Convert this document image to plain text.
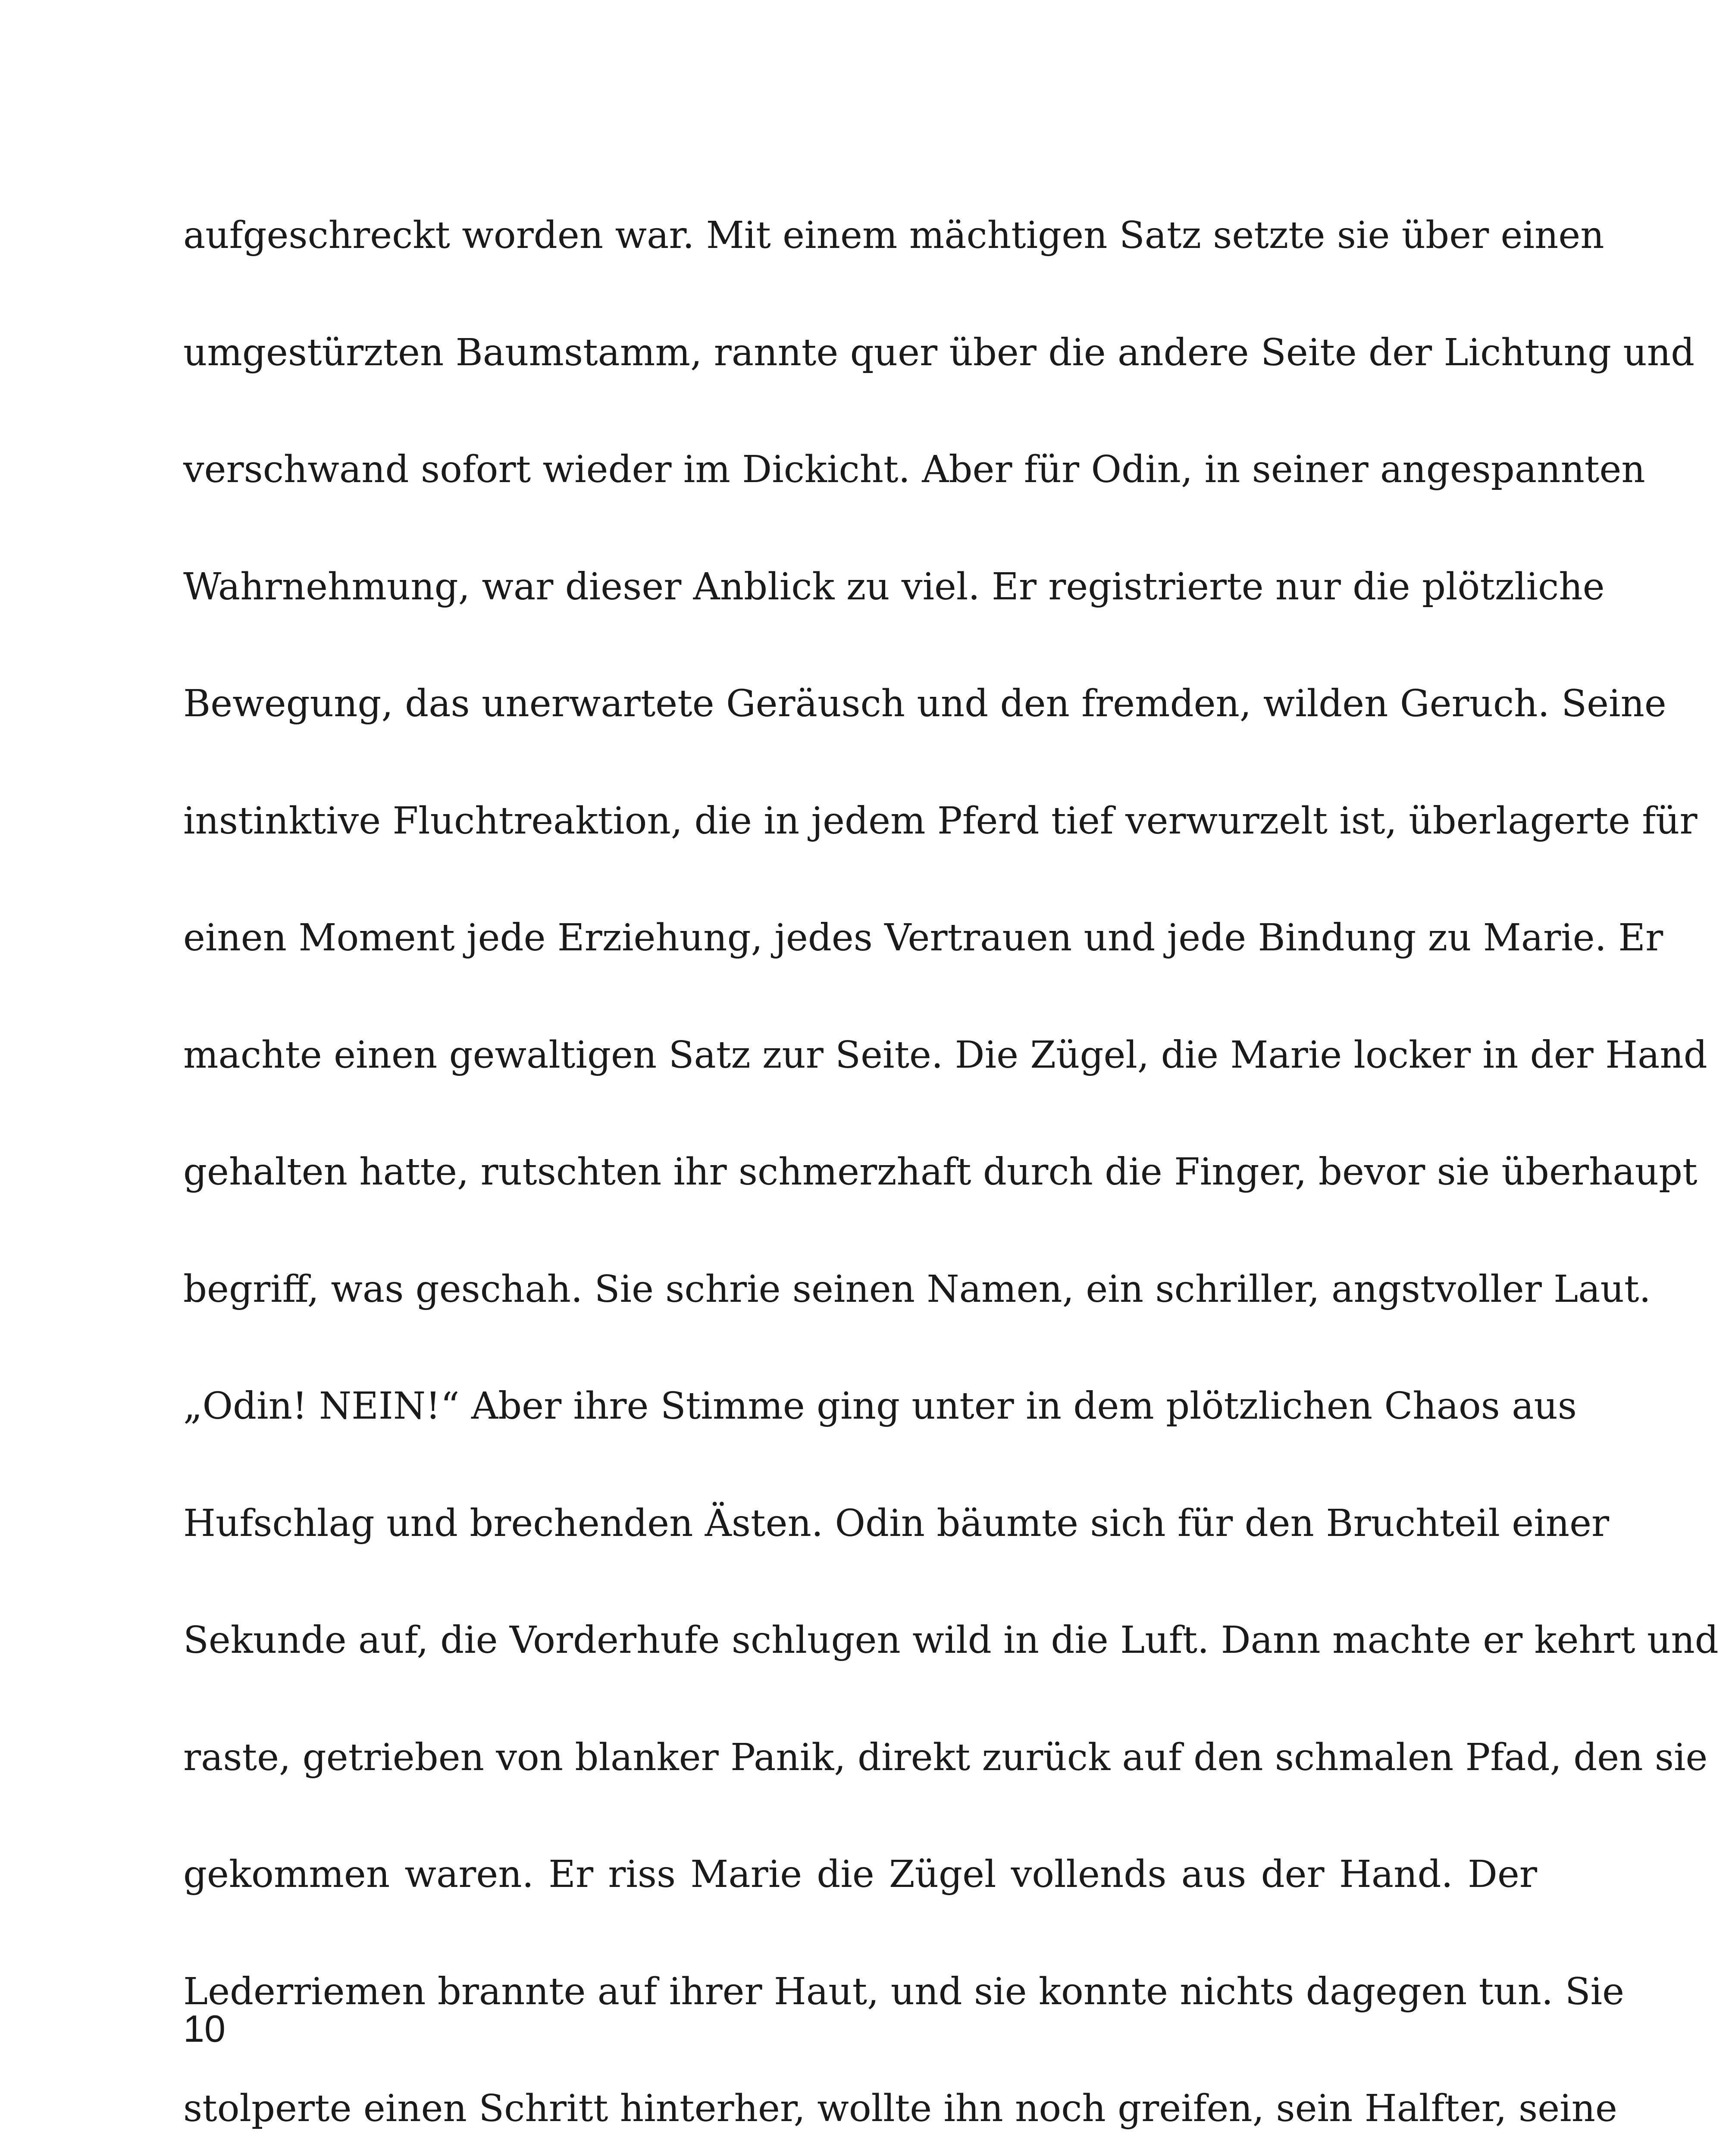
aufgeschreckt worden war. Mit einem mächtigen Satz setzte sie über einen
umgestürzten Baumstamm, rannte quer über die andere Seite der Lichtung und
verschwand sofort wieder im Dickicht. Aber für Odin, in seiner angespannten
Wahrnehmung, war dieser Anblick zu viel. Er registrierte nur die plötzliche
Bewegung, das unerwartete Geräusch und den fremden, wilden Geruch. Seine
instinktive Fluchtreaktion, die in jedem Pferd tief verwurzelt ist, überlagerte für
einen Moment jede Erziehung, jedes Vertrauen und jede Bindung zu Marie. Er
machte einen gewaltigen Satz zur Seite. Die Zügel, die Marie locker in der Hand
gehalten hatte, rutschten ihr schmerzhaft durch die Finger, bevor sie überhaupt
begriff, was geschah. Sie schrie seinen Namen, ein schriller, angstvoller Laut.
„Odin! NEIN!“ Aber ihre Stimme ging unter in dem plötzlichen Chaos aus
Hufschlag und brechenden Ästen. Odin bäumte sich für den Bruchteil einer
Sekunde auf, die Vorderhufe schlugen wild in die Luft. Dann machte er kehrt und
raste, getrieben von blanker Panik, direkt zurück auf den schmalen Pfad, den sie
gekommen waren. Er riss Marie die Zügel vollends aus der Hand. Der
Lederriemen brannte auf ihrer Haut, und sie konnte nichts dagegen tun. Sie
stolperte einen Schritt hinterher, wollte ihn noch greifen, sein Halfter, seine
10
